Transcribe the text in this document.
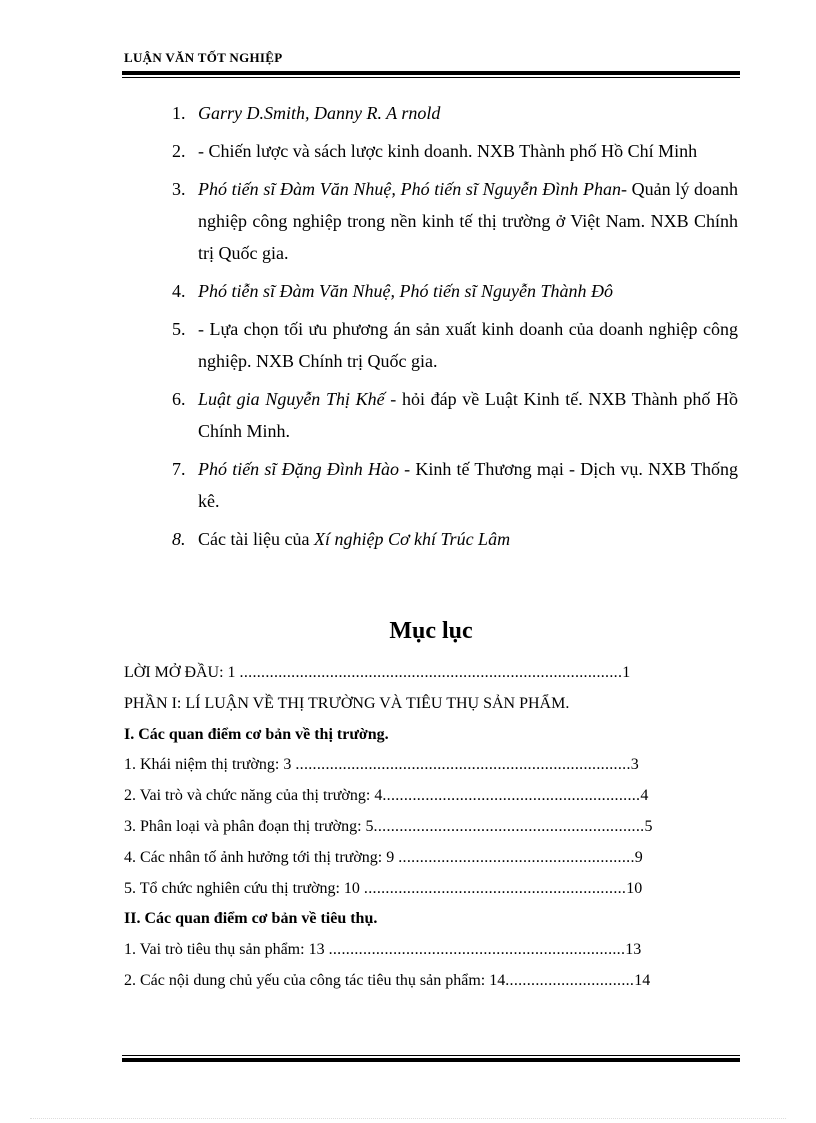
LUẬN VĂN TỐT NGHIỆP
1. Garry D.Smith, Danny R. A rnold
2. - Chiến lược và sách lược kinh doanh. NXB Thành phố Hồ Chí Minh
3. Phó tiến sĩ Đàm Văn Nhuệ, Phó tiến sĩ Nguyễn Đình Phan- Quản lý doanh nghiệp công nghiệp trong nền kinh tế thị trường ở Việt Nam. NXB Chính trị Quốc gia.
4. Phó tiễn sĩ Đàm Văn Nhuệ, Phó tiến sĩ Nguyễn Thành Đô
5. - Lựa chọn tối ưu phương án sản xuất kinh doanh của doanh nghiệp công nghiệp. NXB Chính trị Quốc gia.
6. Luật gia Nguyễn Thị Khế - hỏi đáp về Luật Kinh tế. NXB Thành phố Hồ Chính Minh.
7. Phó tiến sĩ Đặng Đình Hào - Kinh tế Thương mại - Dịch vụ. NXB Thống kê.
8. Các tài liệu của Xí nghiệp Cơ khí Trúc Lâm
Mục lục
LỜI MỞ ĐẦU: 1 .........................................................................................1
PHẦN I: LÍ LUẬN VỀ THỊ TRƯỜNG VÀ TIÊU THỤ SẢN PHẨM.
I. Các quan điểm cơ bản về thị trường.
1. Khái niệm thị trường: 3 ..............................................................................3
2. Vai trò và chức năng của thị trường: 4............................................................4
3. Phân loại và phân đoạn thị trường: 5...............................................................5
4. Các nhân tố ảnh hưởng tới thị trường: 9 .......................................................9
5. Tổ chức nghiên cứu thị trường: 10 .............................................................10
II. Các quan điểm cơ bản về tiêu thụ.
1. Vai trò tiêu thụ sản phẩm: 13 .....................................................................13
2. Các nội dung chủ yếu của công tác tiêu thụ sản phẩm: 14..............................14
